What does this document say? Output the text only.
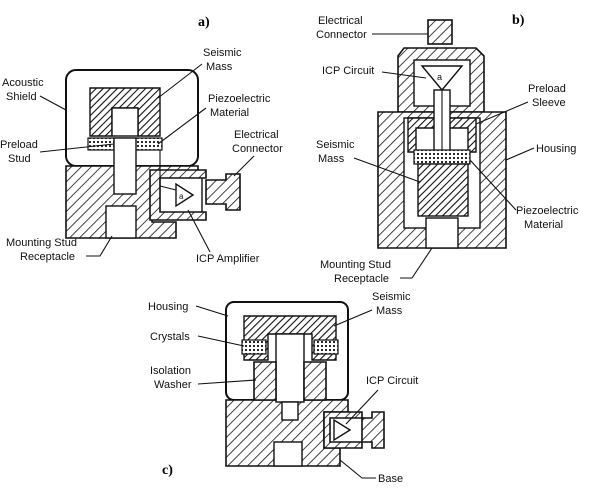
a)
a
Acoustic
Shield
Seismic
Mass
Piezoelectric
Material
Preload
Stud
Electrical
Connector
Mounting Stud
Receptacle	ICP Amplifier
b)
a
Electrical
Connector
ICP Circuit
Preload
Sleeve
Seismic
Mass
Housing
Piezoelectric
Material
Mounting Stud
Receptacle
c)
Housing
Seismic
Mass
Crystals
Isolation
Washer	ICP Circuit
Base
